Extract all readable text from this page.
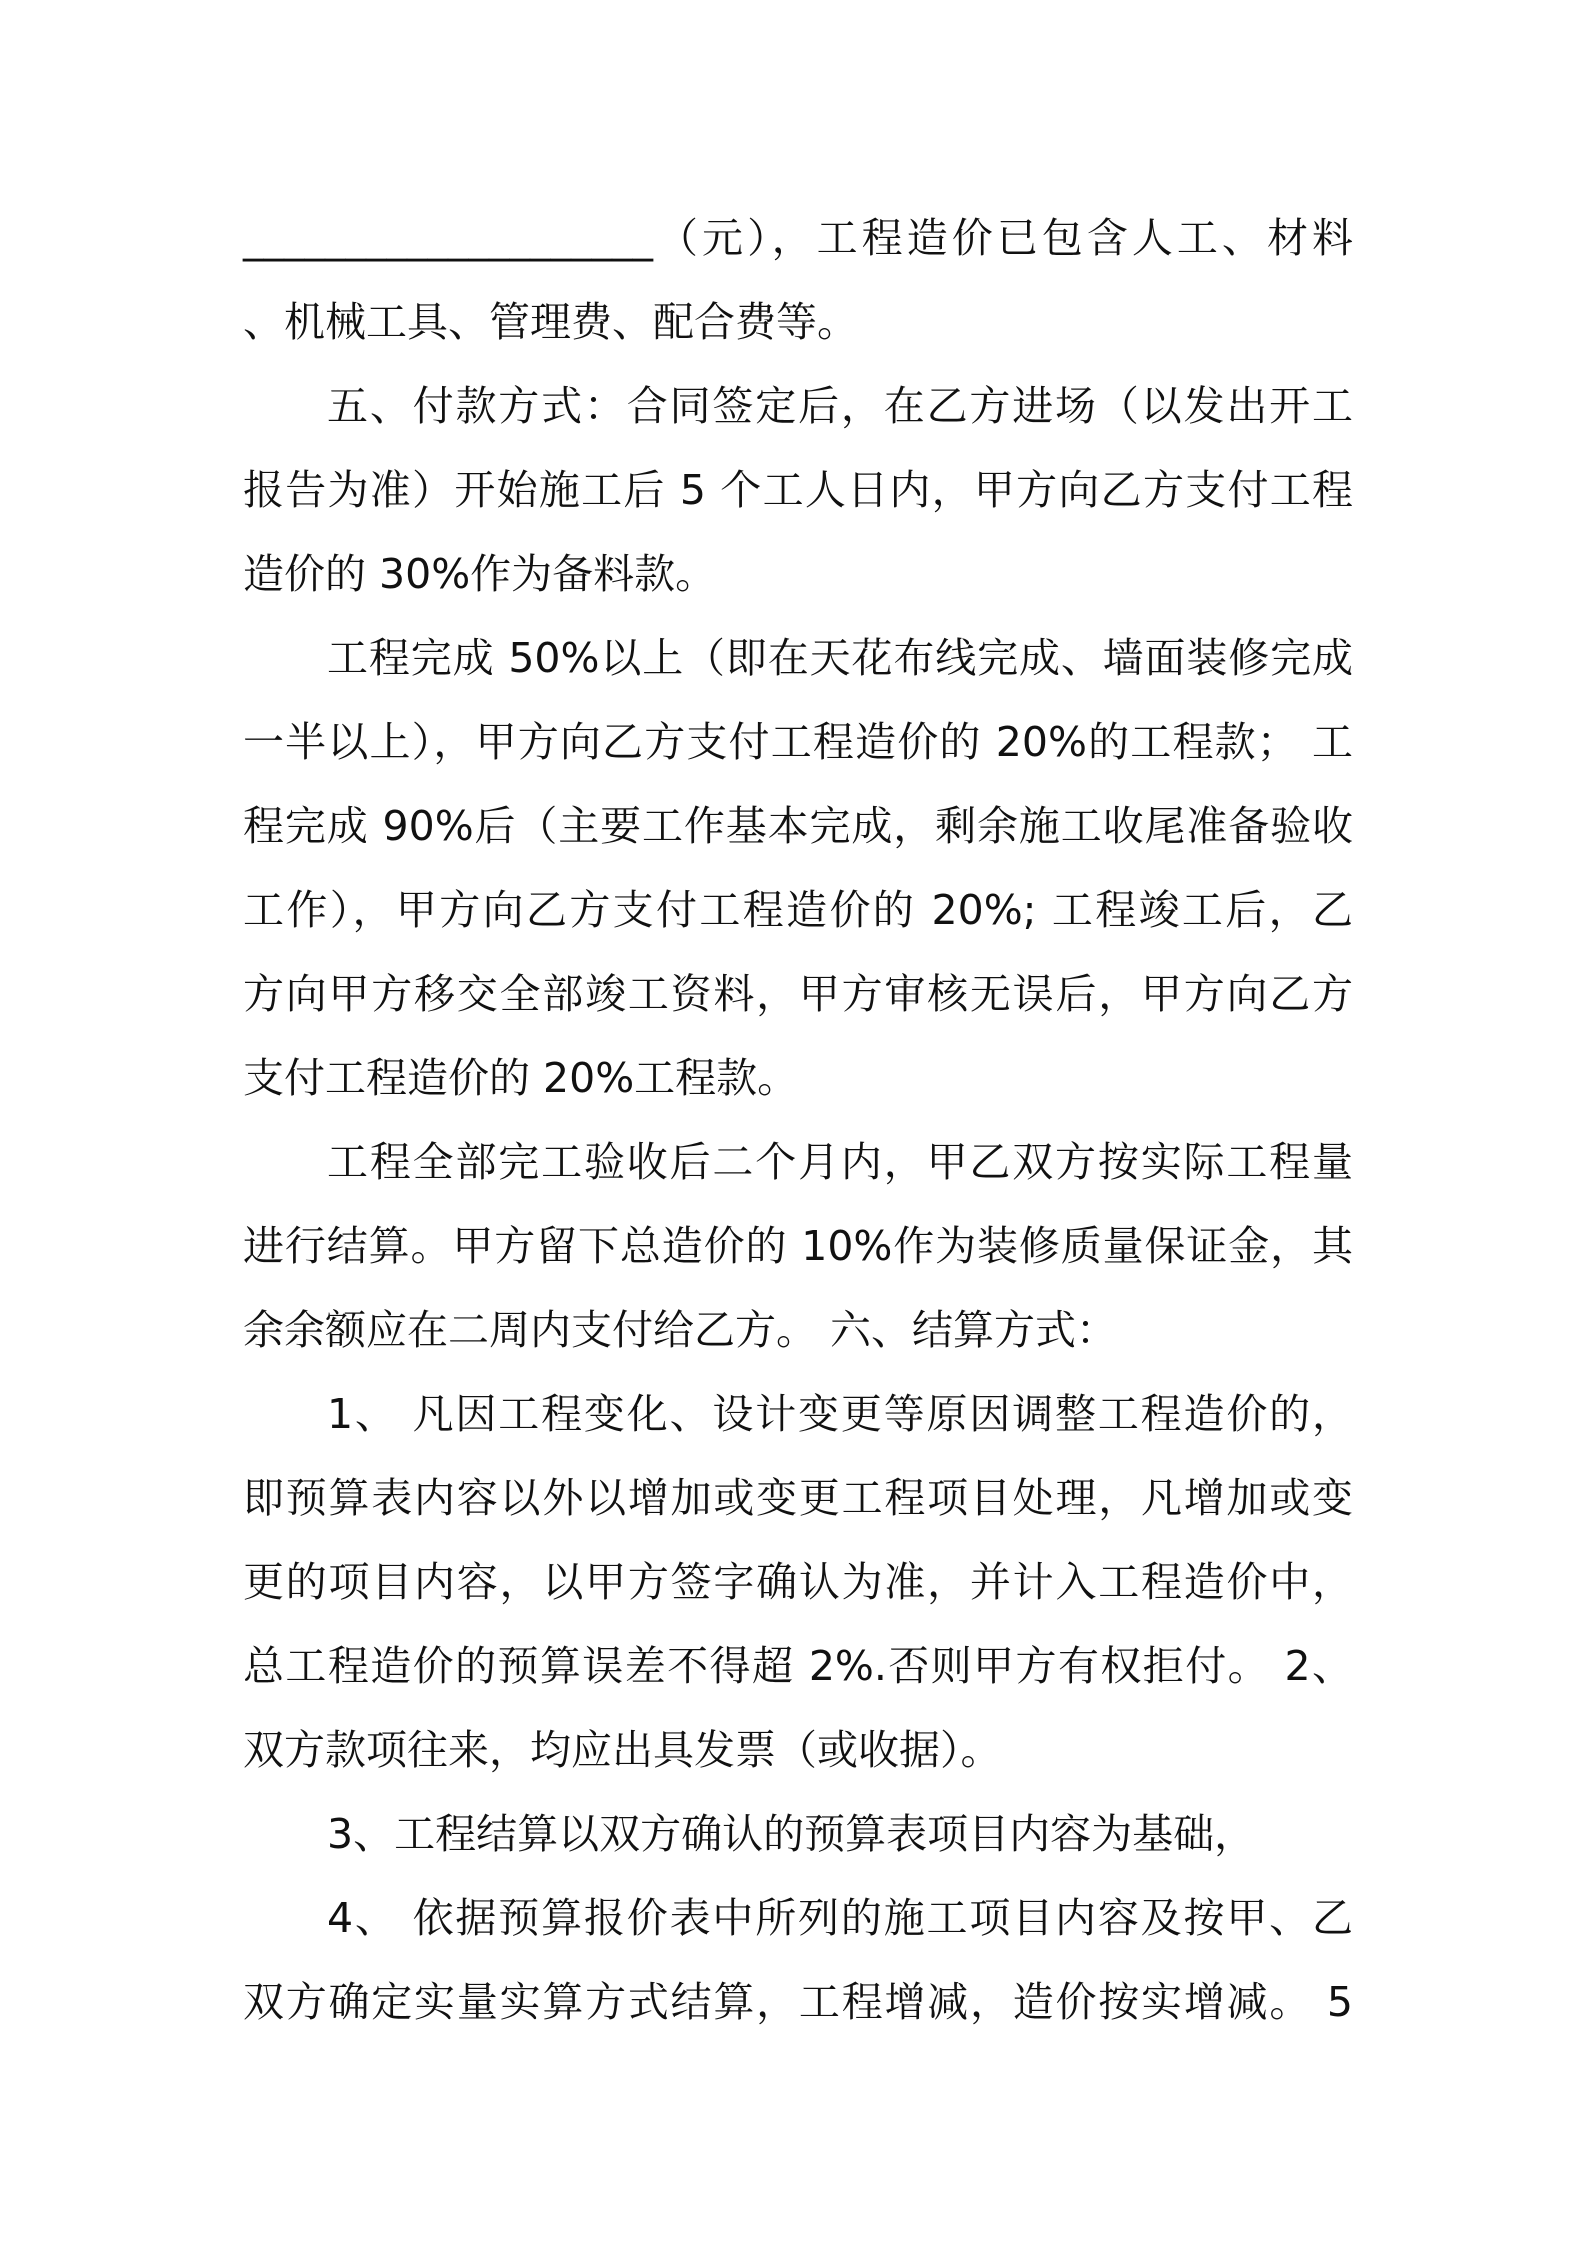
____________________（元），工程造价已包含人工、材料
、机械工具、管理费、配合费等。
五、付款方式：合同签定后，在乙方进场（以发出开工
报告为准）开始施工后 5 个工人日内，甲方向乙方支付工程
造价的 30%作为备料款。
工程完成 50%以上（即在天花布线完成、墙面装修完成
一半以上），甲方向乙方支付工程造价的 20%的工程款； 工
程完成 90%后（主要工作基本完成，剩余施工收尾准备验收
工作），甲方向乙方支付工程造价的 20%; 工程竣工后，乙
方向甲方移交全部竣工资料，甲方审核无误后，甲方向乙方
支付工程造价的 20%工程款。
工程全部完工验收后二个月内，甲乙双方按实际工程量
进行结算。甲方留下总造价的 10%作为装修质量保证金，其
余余额应在二周内支付给乙方。 六、结算方式：
1、 凡因工程变化、设计变更等原因调整工程造价的，
即预算表内容以外以增加或变更工程项目处理，凡增加或变
更的项目内容，以甲方签字确认为准，并计入工程造价中，
总工程造价的预算误差不得超 2%.否则甲方有权拒付。 2、
双方款项往来，均应出具发票（或收据）。
3、工程结算以双方确认的预算表项目内容为基础，
4、 依据预算报价表中所列的施工项目内容及按甲、乙
双方确定实量实算方式结算，工程增减，造价按实增减。 5
